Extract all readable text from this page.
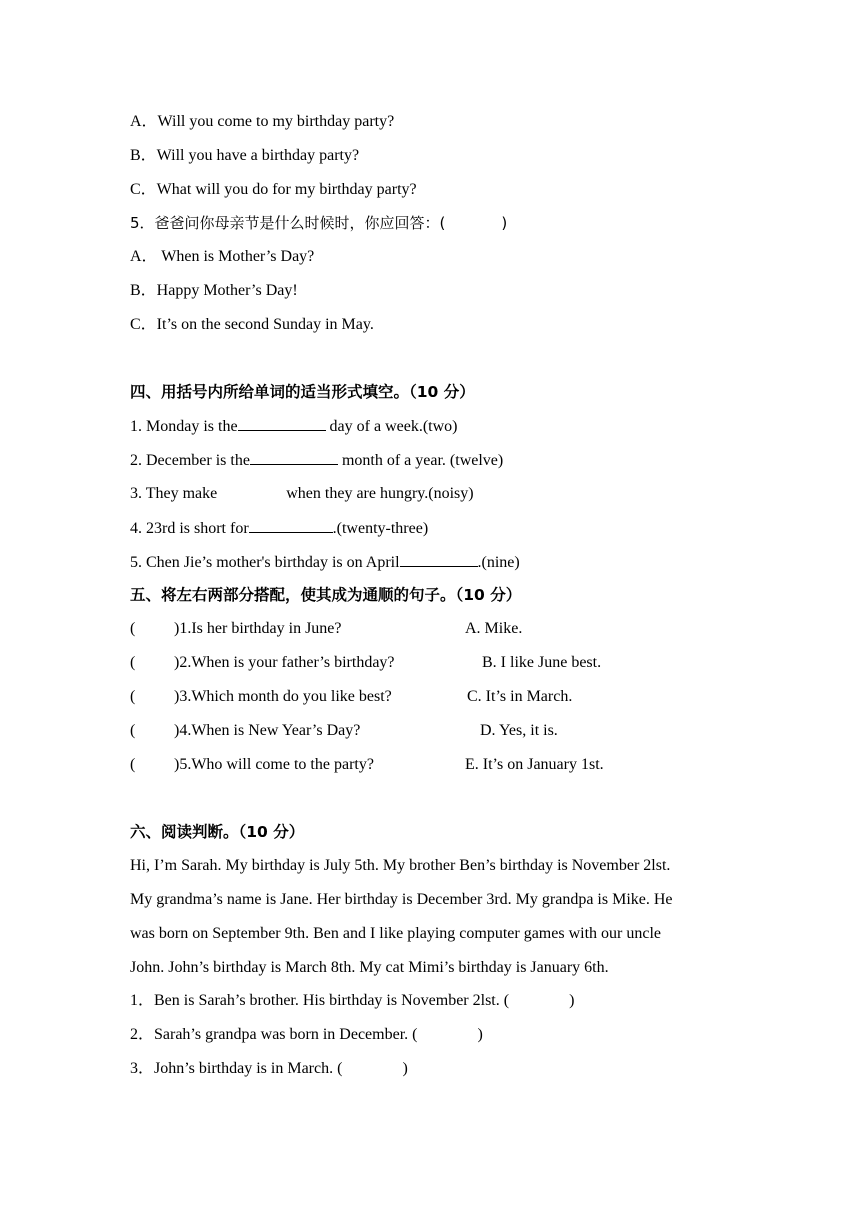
A．Will you come to my birthday party?
B．Will you have a birthday party?
C．What will you do for my birthday party?
5．爸爸问你母亲节是什么时候时，你应回答：(	)
A． When is Mother’s Day?
B．Happy Mother’s Day!
C．It’s on the second Sunday in May.
四、用括号内所给单词的适当形式填空。（10 分）
1. Monday is the	day of a week.(two)
2. December is the	month of a year. (twelve)
3. They make	when they are hungry.(noisy)
4. 23rd is short for	.(twenty-three)
5. Chen Jie’s mother's birthday is on April	.(nine)
五、将左右两部分搭配，使其成为通顺的句子。（10 分）
( )1.Is her birthday in June?	A. Mike.
( )2.When is your father’s birthday?	B. I like June best.
( )3.Which month do you like best?	C. It’s in March.
( )4.When is New Year’s Day?	D. Yes, it is.
( )5.Who will come to the party?	E. It’s on January 1st.
六、阅读判断。（10 分）
Hi, I’m Sarah. My birthday is July 5th. My brother Ben’s birthday is November 2lst.
My grandma’s name is Jane. Her birthday is December 3rd. My grandpa is Mike. He
was born on September 9th. Ben and I like playing computer games with our uncle
John. John’s birthday is March 8th. My cat Mimi’s birthday is January 6th.
1．Ben is Sarah’s brother. His birthday is November 2lst. (	)
2．Sarah’s grandpa was born in December. (	)
3．John’s birthday is in March. (	)
